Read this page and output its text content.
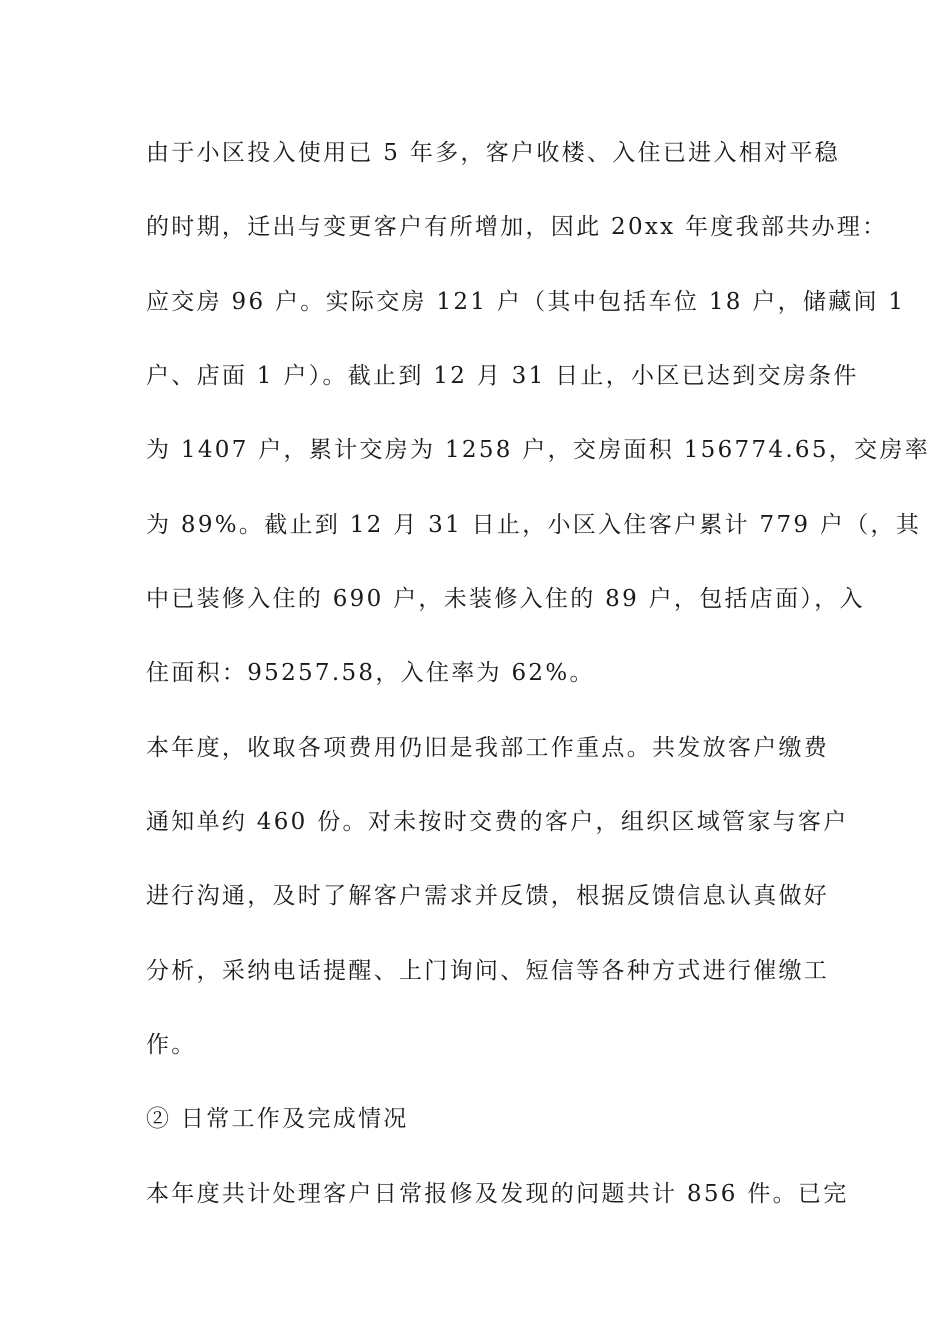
由于小区投入使用已 5 年多，客户收楼、入住已进入相对平稳
的时期，迁出与变更客户有所增加，因此 20xx 年度我部共办理：
应交房 96 户。实际交房 121 户（其中包括车位 18 户，储藏间 1
户、店面 1 户）。截止到 12 月 31 日止，小区已达到交房条件
为 1407 户，累计交房为 1258 户，交房面积 156774.65，交房率
为 89%。截止到 12 月 31 日止，小区入住客户累计 779 户（，其
中已装修入住的 690 户，未装修入住的 89 户，包括店面），入
住面积：95257.58，入住率为 62%。
本年度，收取各项费用仍旧是我部工作重点。共发放客户缴费
通知单约 460 份。对未按时交费的客户，组织区域管家与客户
进行沟通，及时了解客户需求并反馈，根据反馈信息认真做好
分析，采纳电话提醒、上门询问、短信等各种方式进行催缴工
作。
② 日常工作及完成情况
本年度共计处理客户日常报修及发现的问题共计 856 件。已完
